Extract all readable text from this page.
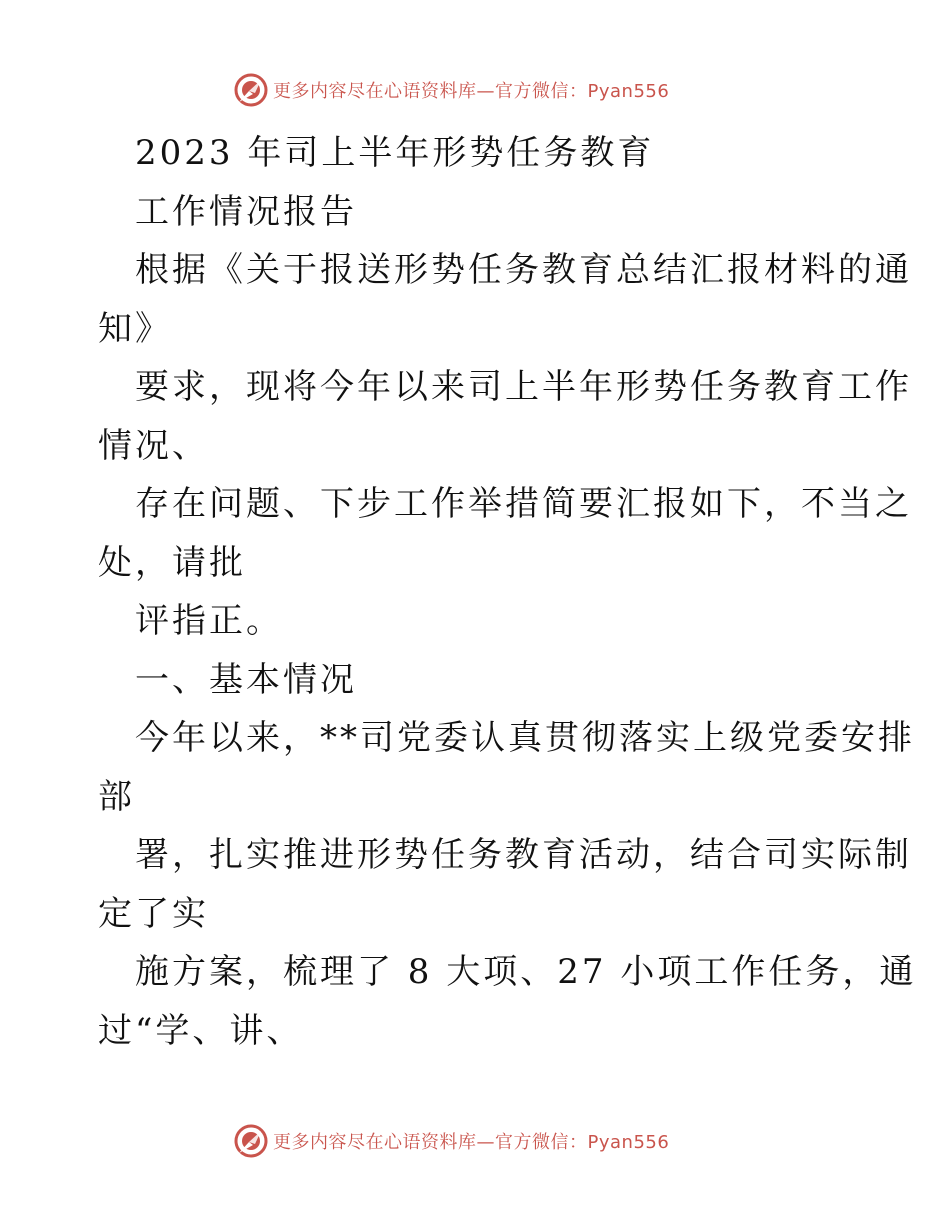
更多内容尽在心语资料库—官方微信：Pyan556
2023 年司上半年形势任务教育
工作情况报告
根据《关于报送形势任务教育总结汇报材料的通
知》
要求，现将今年以来司上半年形势任务教育工作
情况、
存在问题、下步工作举措简要汇报如下，不当之
处，请批
评指正。
一、基本情况
今年以来，**司党委认真贯彻落实上级党委安排
部
署，扎实推进形势任务教育活动，结合司实际制
定了实
施方案，梳理了 8 大项、27 小项工作任务，通
过“学、讲、
更多内容尽在心语资料库—官方微信：Pyan556
